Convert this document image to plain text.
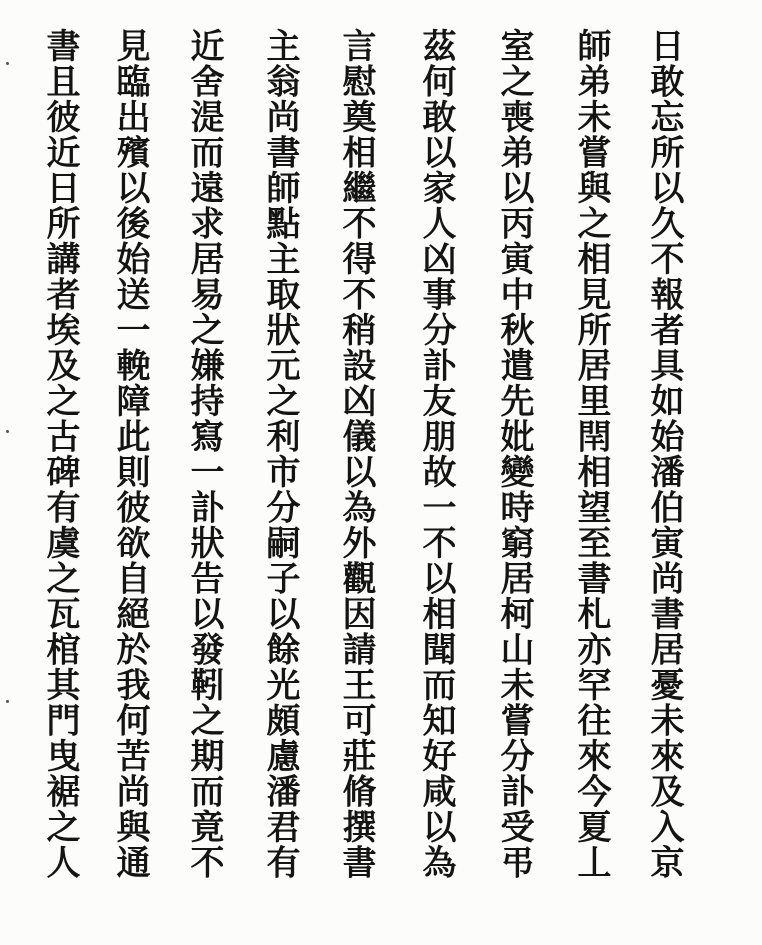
日敢忘所以久不報者具如始潘伯寅尚書居憂未來及入京
師弟未嘗與之相見所居里閈相望至書札亦罕往來今夏丄
室之喪弟以丙寅中秋遣先妣變時窮居柯山未嘗分訃受弔
茲何敢以家人凶事分訃友朋故一不以相聞而知好咸以為
言慰奠相繼不得不稍設凶儀以為外觀因請王可莊脩撰書
主翁尚書師點主取狀元之利市分嗣子以餘光頗慮潘君有
近舍湜而遠求居易之嫌持寫一訃狀告以發靷之期而竟不
見臨出殯以後始送一輓障此則彼欲自絕於我何苦尚與通
書且彼近日所講者埃及之古碑有虞之瓦棺其門曳裾之人
